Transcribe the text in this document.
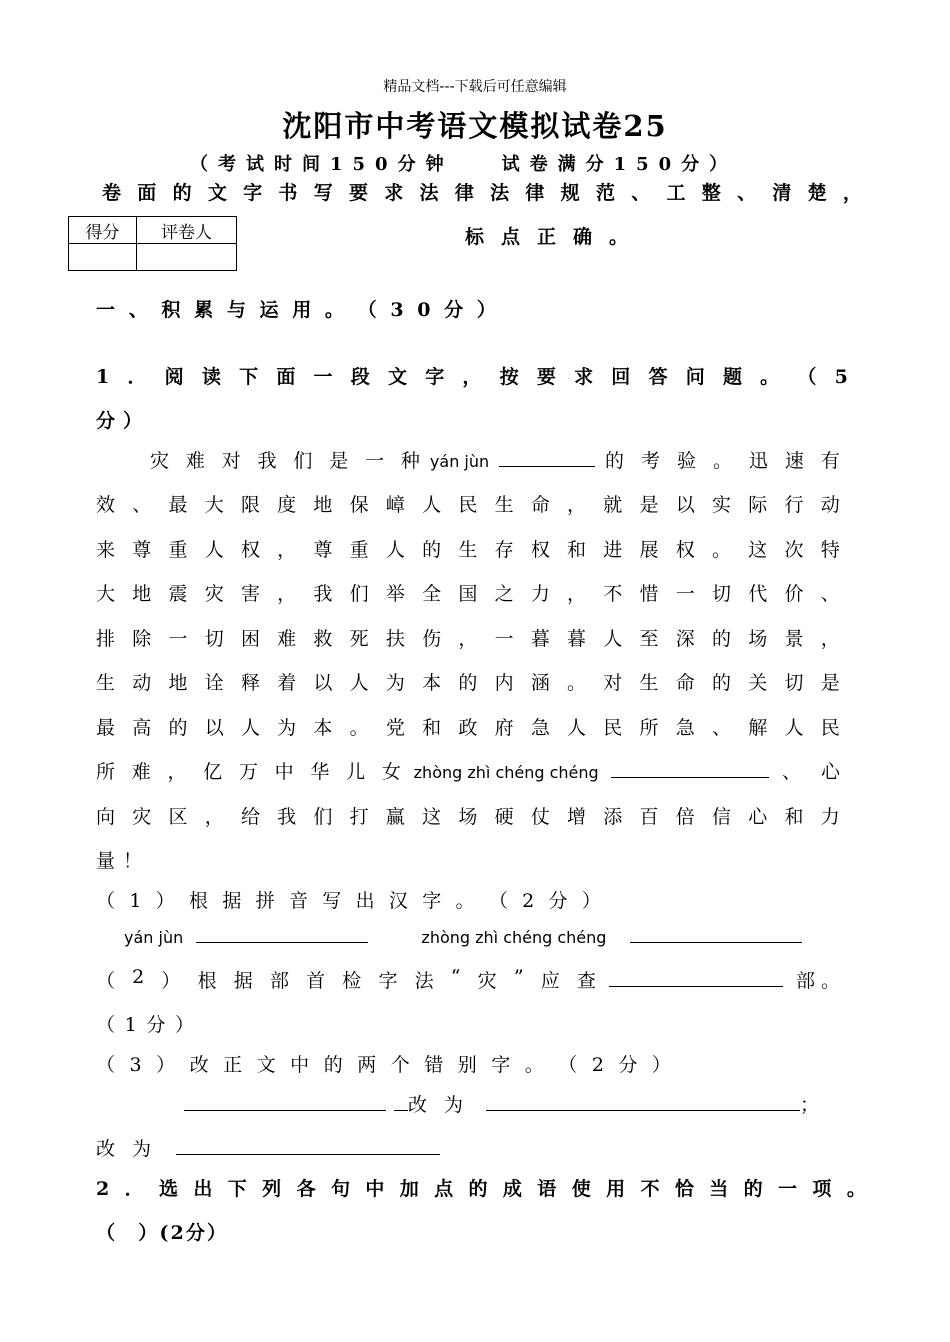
精品文档---下载后可任意编辑
沈阳市中考语文模拟试卷25
（考试时间150分钟	试卷满分150分）
卷 面 的 文 字 书 写 要 求 法 律 法 律 规 范 、 工 整 、 清 楚 ，
标点正确。
得分	评卷人

一 、 积 累 与 运 用 。 （ 3 0 分 ）
1 ． 阅 读 下 面 一 段 文 字 ， 按 要 求 回 答 问 题 。 （ 5
分 ）
灾 难 对 我 们 是 一 种 yán jùn	的 考 验 。 迅 速 有
效 、 最 大 限 度 地 保 嶂 人 民 生 命 ， 就 是 以 实 际 行 动
来 尊 重 人 权 ， 尊 重 人 的 生 存 权 和 进 展 权 。 这 次 特
大 地 震 灾 害 ， 我 们 举 全 国 之 力 ， 不 惜 一 切 代 价 、
排 除 一 切 困 难 救 死 扶 伤 ， 一 暮 暮 人 至 深 的 场 景 ，
生 动 地 诠 释 着 以 人 为 本 的 内 涵 。 对 生 命 的 关 切 是
最 高 的 以 人 为 本 。 党 和 政 府 急 人 民 所 急 、 解 人 民
所 难 ， 亿 万 中 华 儿 女 zhòng zhì chéng chéng	、 心
向 灾 区 ， 给 我 们 打 赢 这 场 硬 仗 增 添 百 倍 信 心 和 力
量 ！
（ 1 ） 根 据 拼 音 写 出 汉 字 。 （ 2 分 ）
yán jùn	zhòng zhì chéng chéng
（ 2 ） 根 据 部 首 检 字 法 “ 灾 ” 应 查	部 。
（ 1 分 ）
（ 3 ） 改 正 文 中 的 两 个 错 别 字 。 （ 2 分 ）
改为	；
改为
2 ． 选 出 下 列 各 句 中 加 点 的 成 语 使 用 不 恰 当 的 一 项 。
（
　 ） ( 2 分 ）
